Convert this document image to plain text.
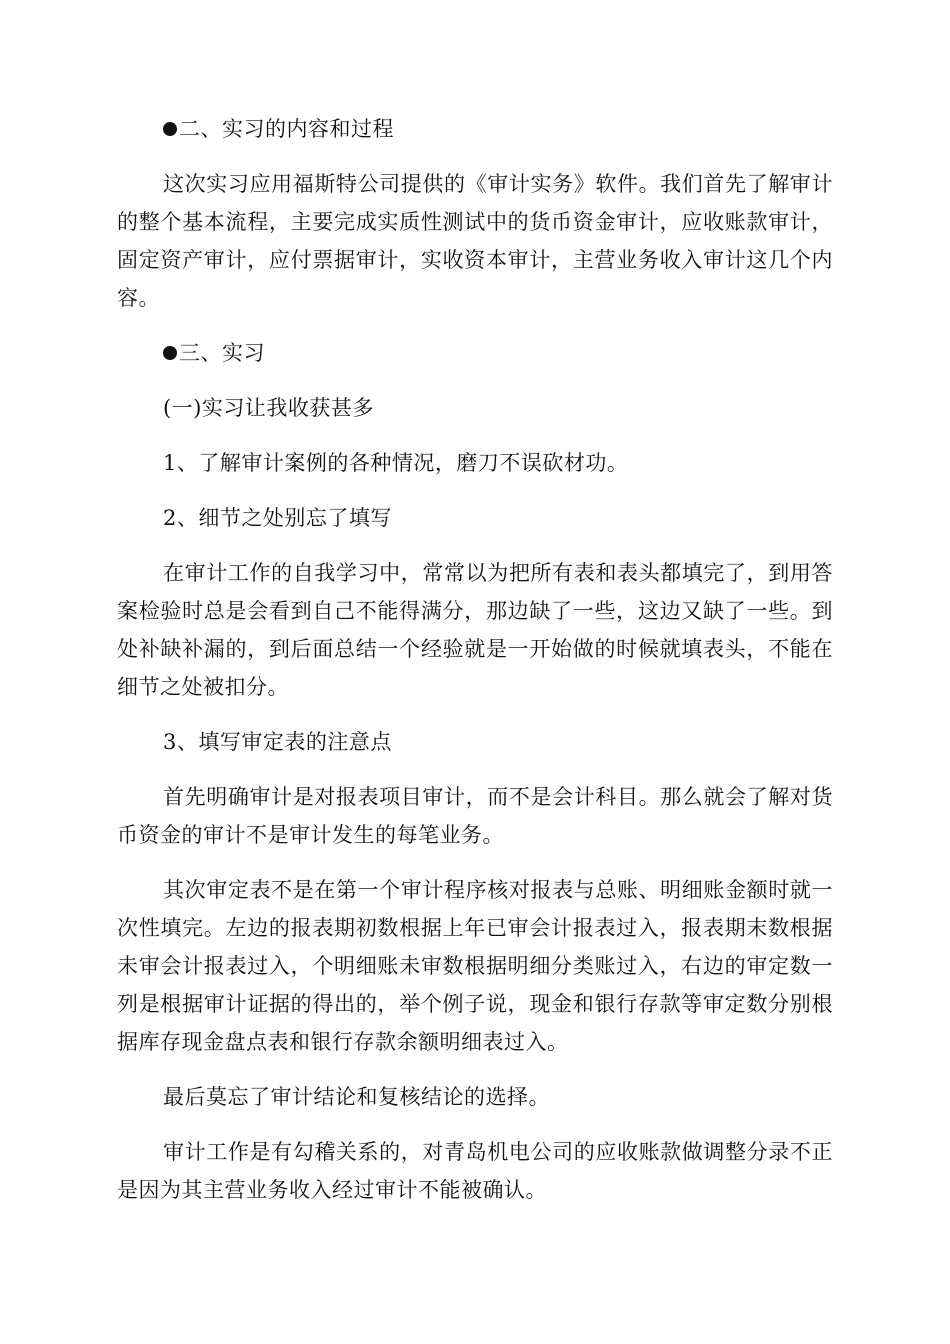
二、实习的内容和过程

这次实习应用福斯特公司提供的《审计实务》软件。我们首先了解审计的整个基本流程，主要完成实质性测试中的货币资金审计，应收账款审计，固定资产审计，应付票据审计，实收资本审计，主营业务收入审计这几个内容。

三、实习

(一)实习让我收获甚多

1、了解审计案例的各种情况，磨刀不误砍材功。

2、细节之处别忘了填写

在审计工作的自我学习中，常常以为把所有表和表头都填完了，到用答案检验时总是会看到自己不能得满分，那边缺了一些，这边又缺了一些。到处补缺补漏的，到后面总结一个经验就是一开始做的时候就填表头，不能在细节之处被扣分。

3、填写审定表的注意点

首先明确审计是对报表项目审计，而不是会计科目。那么就会了解对货币资金的审计不是审计发生的每笔业务。

其次审定表不是在第一个审计程序核对报表与总账、明细账金额时就一次性填完。左边的报表期初数根据上年已审会计报表过入，报表期末数根据未审会计报表过入，个明细账未审数根据明细分类账过入，右边的审定数一列是根据审计证据的得出的，举个例子说，现金和银行存款等审定数分别根据库存现金盘点表和银行存款余额明细表过入。

最后莫忘了审计结论和复核结论的选择。

审计工作是有勾稽关系的，对青岛机电公司的应收账款做调整分录不正是因为其主营业务收入经过审计不能被确认。
